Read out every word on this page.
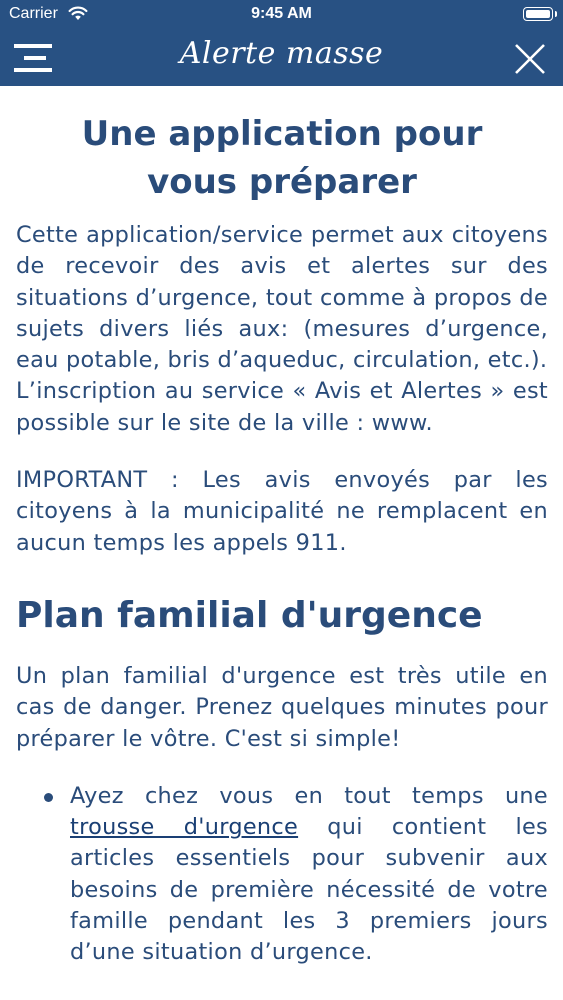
Carrier	9:45 AM
Alerte masse
Une application pour
vous préparer

Cette application/service permet aux citoyens de recevoir des avis et alertes sur des situations d’urgence, tout comme à propos de sujets divers liés aux: (mesures d’urgence, eau potable, bris d’aqueduc, circulation, etc.).
L’inscription au service « Avis et Alertes » est possible sur le site de la ville : www.

IMPORTANT : Les avis envoyés par les citoyens à la municipalité ne remplacent en aucun temps les appels 911.

Plan familial d'urgence

Un plan familial d'urgence est très utile en cas de danger. Prenez quelques minutes pour préparer le vôtre. C'est si simple!

Ayez chez vous en tout temps une trousse d'urgence qui contient les articles essentiels pour subvenir aux besoins de première nécessité de votre famille pendant les 3 premiers jours d’une situation d’urgence.
